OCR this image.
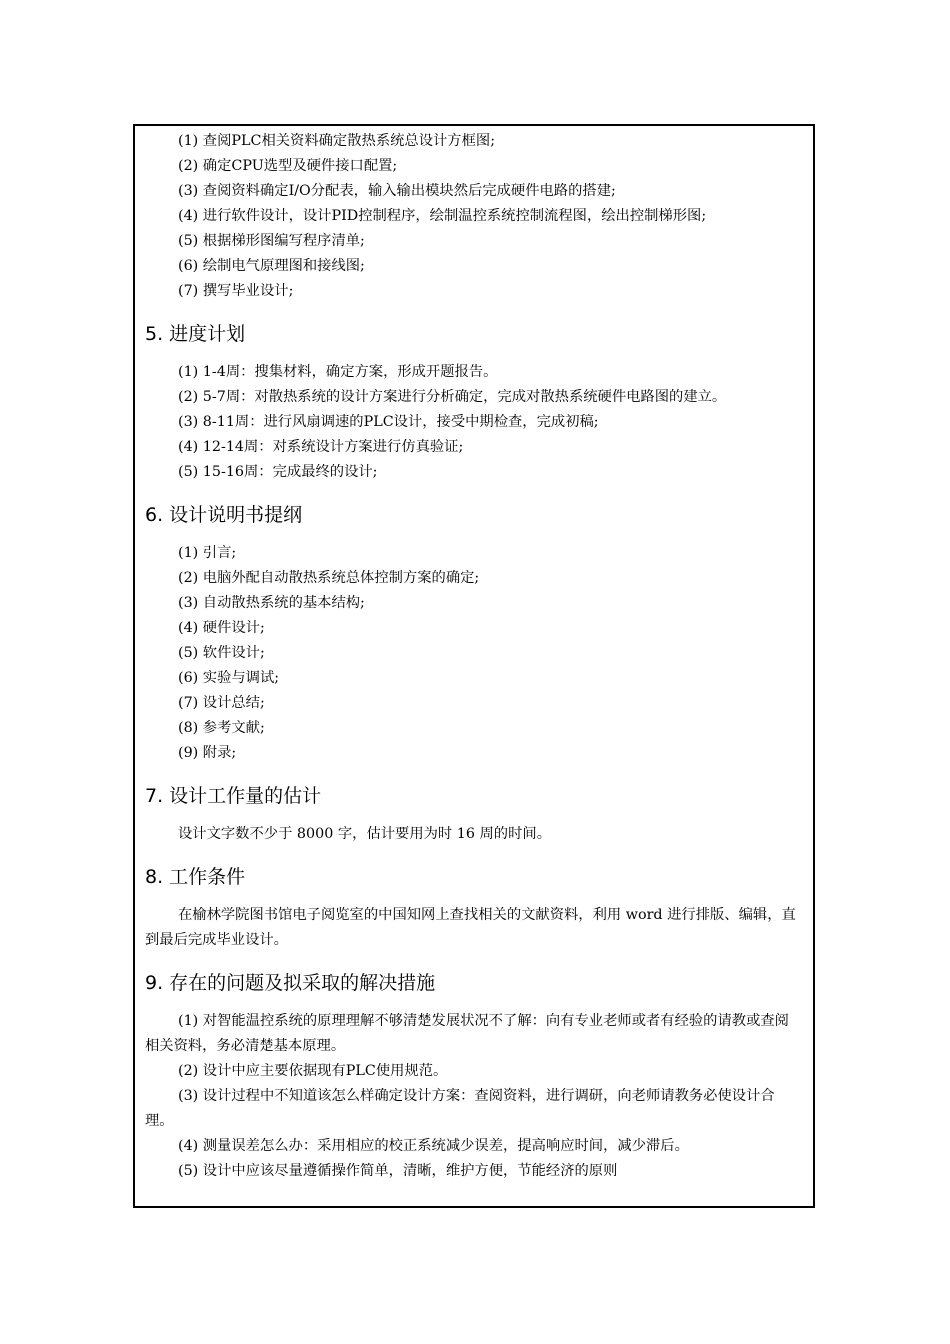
(1) 查阅PLC相关资料确定散热系统总设计方框图;
(2) 确定CPU选型及硬件接口配置;
(3) 查阅资料确定I/O分配表，输入输出模块然后完成硬件电路的搭建;
(4) 进行软件设计，设计PID控制程序，绘制温控系统控制流程图，绘出控制梯形图;
(5) 根据梯形图编写程序清单;
(6) 绘制电气原理图和接线图;
(7) 撰写毕业设计;
5. 进度计划
(1) 1-4周：搜集材料，确定方案，形成开题报告。
(2) 5-7周：对散热系统的设计方案进行分析确定，完成对散热系统硬件电路图的建立。
(3) 8-11周：进行风扇调速的PLC设计，接受中期检查，完成初稿;
(4) 12-14周：对系统设计方案进行仿真验证;
(5) 15-16周：完成最终的设计;
6. 设计说明书提纲
(1) 引言;
(2) 电脑外配自动散热系统总体控制方案的确定;
(3) 自动散热系统的基本结构;
(4) 硬件设计;
(5) 软件设计;
(6) 实验与调试;
(7) 设计总结;
(8) 参考文献;
(9) 附录;
7. 设计工作量的估计

设计文字数不少于 8000 字，估计要用为时 16 周的时间。

8. 工作条件

在榆林学院图书馆电子阅览室的中国知网上查找相关的文献资料，利用 word 进行排版、编辑，直到最后完成毕业设计。

9. 存在的问题及拟采取的解决措施

(1) 对智能温控系统的原理理解不够清楚发展状况不了解：向有专业老师或者有经验的请教或查阅相关资料，务必清楚基本原理。

(2) 设计中应主要依据现有PLC使用规范。

(3) 设计过程中不知道该怎么样确定设计方案：查阅资料，进行调研，向老师请教务必使设计合理。

(4) 测量误差怎么办：采用相应的校正系统减少误差，提高响应时间，减少滞后。

(5) 设计中应该尽量遵循操作简单，清晰，维护方便，节能经济的原则
